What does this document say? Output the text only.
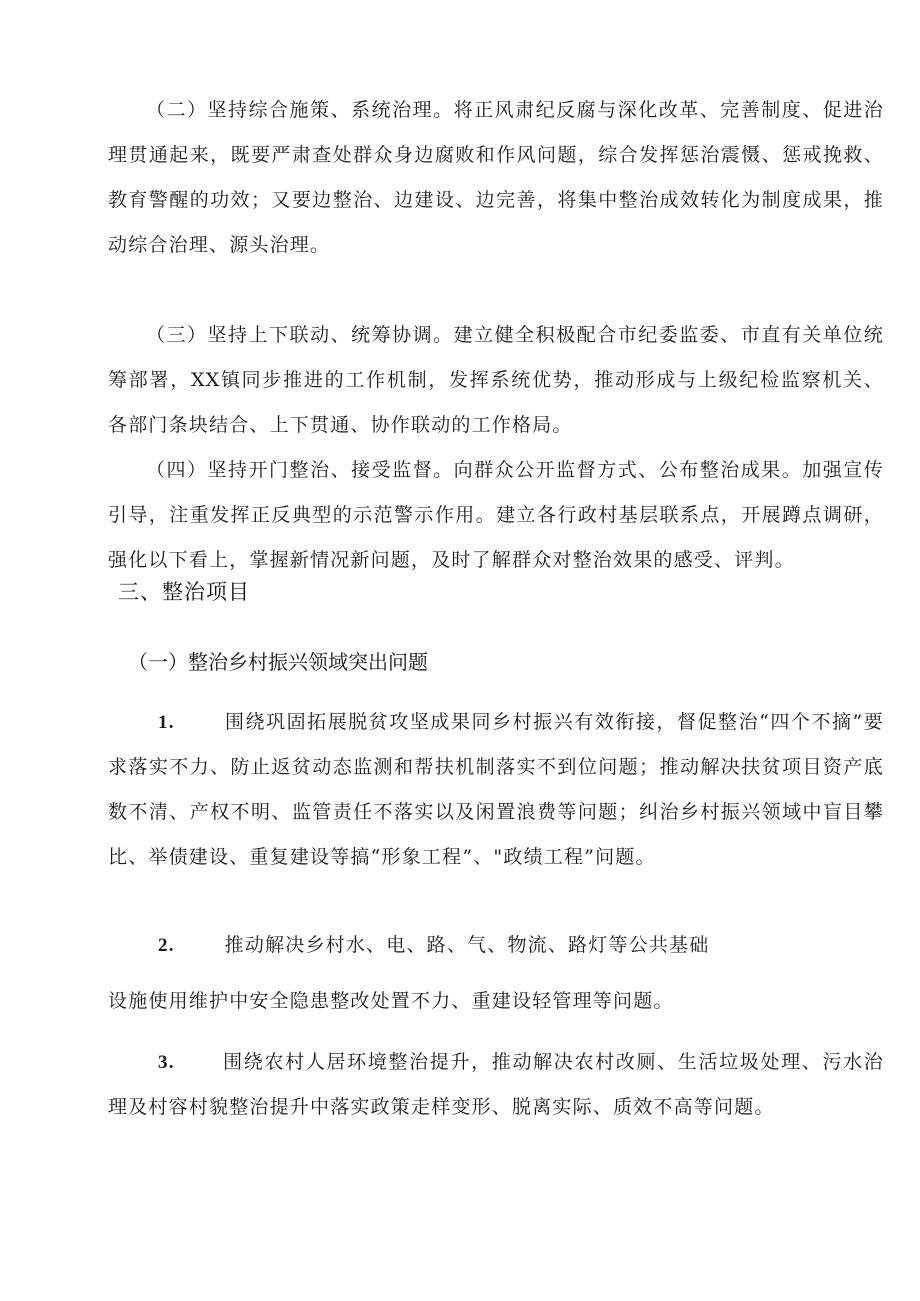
（二）坚持综合施策、系统治理。将正风肃纪反腐与深化改革、完善制度、促进治理贯通起来，既要严肃查处群众身边腐败和作风问题，综合发挥惩治震慑、惩戒挽救、教育警醒的功效；又要边整治、边建设、边完善，将集中整治成效转化为制度成果，推动综合治理、源头治理。

（三）坚持上下联动、统筹协调。建立健全积极配合市纪委监委、市直有关单位统筹部署，XX镇同步推进的工作机制，发挥系统优势，推动形成与上级纪检监察机关、各部门条块结合、上下贯通、协作联动的工作格局。

（四）坚持开门整治、接受监督。向群众公开监督方式、公布整治成果。加强宣传引导，注重发挥正反典型的示范警示作用。建立各行政村基层联系点，开展蹲点调研，强化以下看上，掌握新情况新问题，及时了解群众对整治效果的感受、评判。

三、整治项目
（一）整治乡村振兴领域突出问题

1.	围绕巩固拓展脱贫攻坚成果同乡村振兴有效衔接，督促整治“四个不摘”要求落实不力、防止返贫动态监测和帮扶机制落实不到位问题；推动解决扶贫项目资产底数不清、产权不明、监管责任不落实以及闲置浪费等问题；纠治乡村振兴领域中盲目攀比、举债建设、重复建设等搞“形象工程”、"政绩工程”问题。

2.	推动解决乡村水、电、路、气、物流、路灯等公共基础

设施使用维护中安全隐患整改处置不力、重建设轻管理等问题。

3.	围绕农村人居环境整治提升，推动解决农村改厕、生活垃圾处理、污水治理及村容村貌整治提升中落实政策走样变形、脱离实际、质效不高等问题。
